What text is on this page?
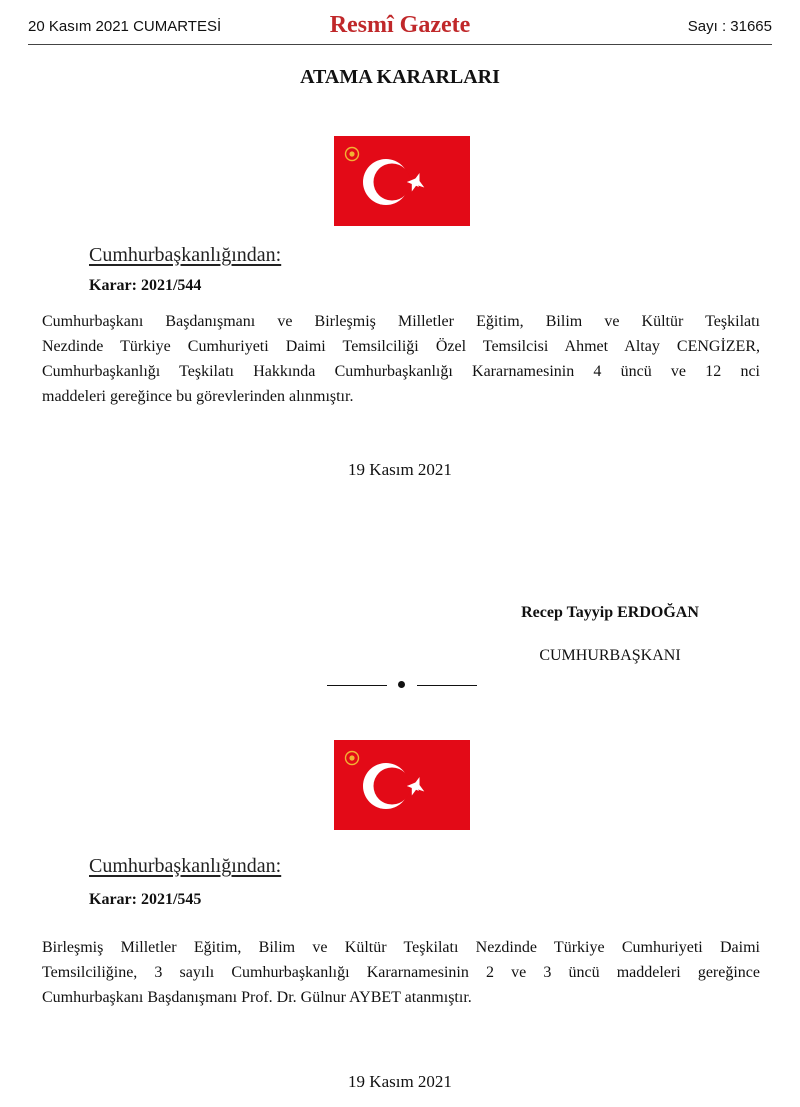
20 Kasım 2021 CUMARTESİ	Resmî Gazete	Sayı : 31665
ATAMA KARARLARI
Cumhurbaşkanlığından:
Karar: 2021/544
Cumhurbaşkanı Başdanışmanı ve Birleşmiş Milletler Eğitim, Bilim ve Kültür Teşkilatı
Nezdinde Türkiye Cumhuriyeti Daimi Temsilciliği Özel Temsilcisi Ahmet Altay CENGİZER,
Cumhurbaşkanlığı Teşkilatı Hakkında Cumhurbaşkanlığı Kararnamesinin 4 üncü ve 12 nci
maddeleri gereğince bu görevlerinden alınmıştır.
19 Kasım 2021
Recep Tayyip ERDOĞAN
CUMHURBAŞKANI
Cumhurbaşkanlığından:
Karar: 2021/545
Birleşmiş Milletler Eğitim, Bilim ve Kültür Teşkilatı Nezdinde Türkiye Cumhuriyeti Daimi
Temsilciliğine, 3 sayılı Cumhurbaşkanlığı Kararnamesinin 2 ve 3 üncü maddeleri gereğince
Cumhurbaşkanı Başdanışmanı Prof. Dr. Gülnur AYBET atanmıştır.
19 Kasım 2021
